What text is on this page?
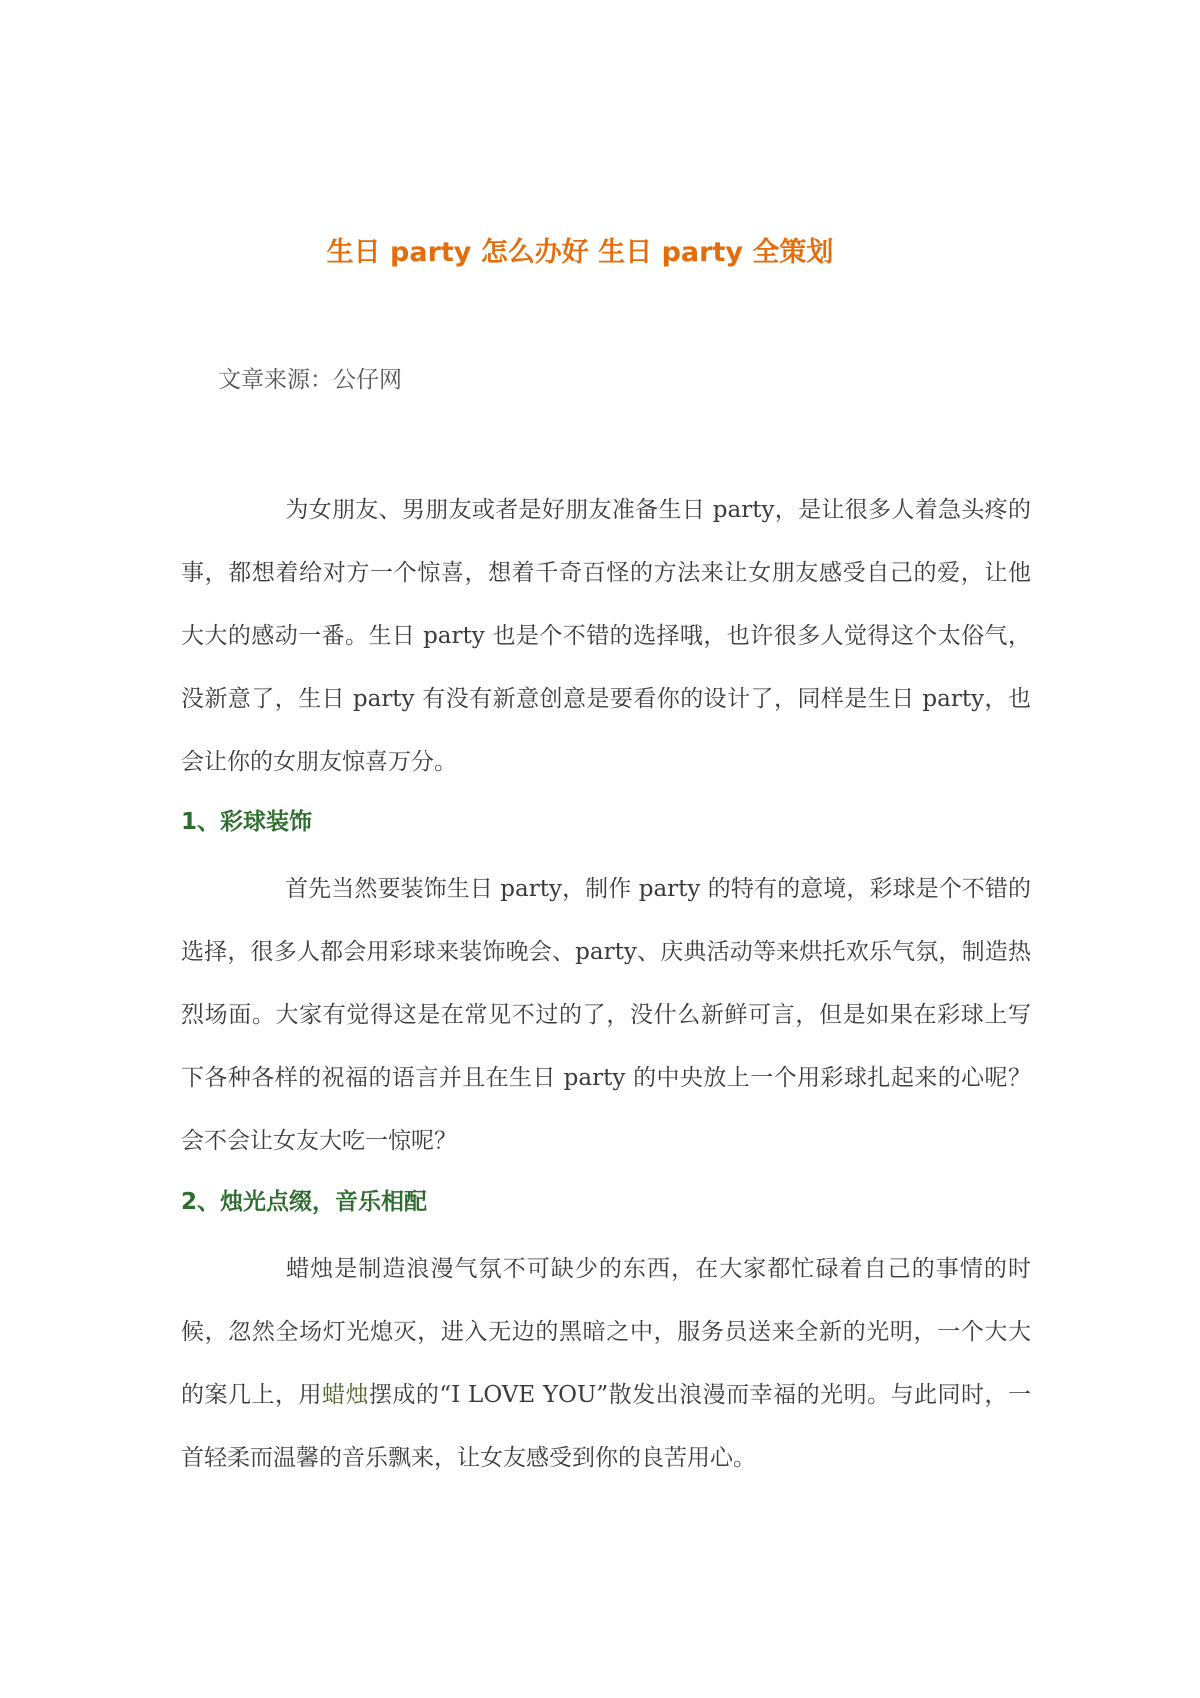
生日 party 怎么办好 生日 party 全策划

文章来源：公仔网

为女朋友、男朋友或者是好朋友准备生日 party，是让很多人着急头疼的事，都想着给对方一个惊喜，想着千奇百怪的方法来让女朋友感受自己的爱，让他大大的感动一番。生日 party 也是个不错的选择哦，也许很多人觉得这个太俗气，没新意了，生日 party 有没有新意创意是要看你的设计了，同样是生日 party，也会让你的女朋友惊喜万分。

1、彩球装饰

首先当然要装饰生日 party，制作 party 的特有的意境，彩球是个不错的选择，很多人都会用彩球来装饰晚会、party、庆典活动等来烘托欢乐气氛，制造热烈场面。大家有觉得这是在常见不过的了，没什么新鲜可言，但是如果在彩球上写下各种各样的祝福的语言并且在生日 party 的中央放上一个用彩球扎起来的心呢？会不会让女友大吃一惊呢？

2、烛光点缀，音乐相配

蜡烛是制造浪漫气氛不可缺少的东西，在大家都忙碌着自己的事情的时候，忽然全场灯光熄灭，进入无边的黑暗之中，服务员送来全新的光明，一个大大的案几上，用蜡烛摆成的“I LOVE YOU”散发出浪漫而幸福的光明。与此同时，一首轻柔而温馨的音乐飘来，让女友感受到你的良苦用心。
